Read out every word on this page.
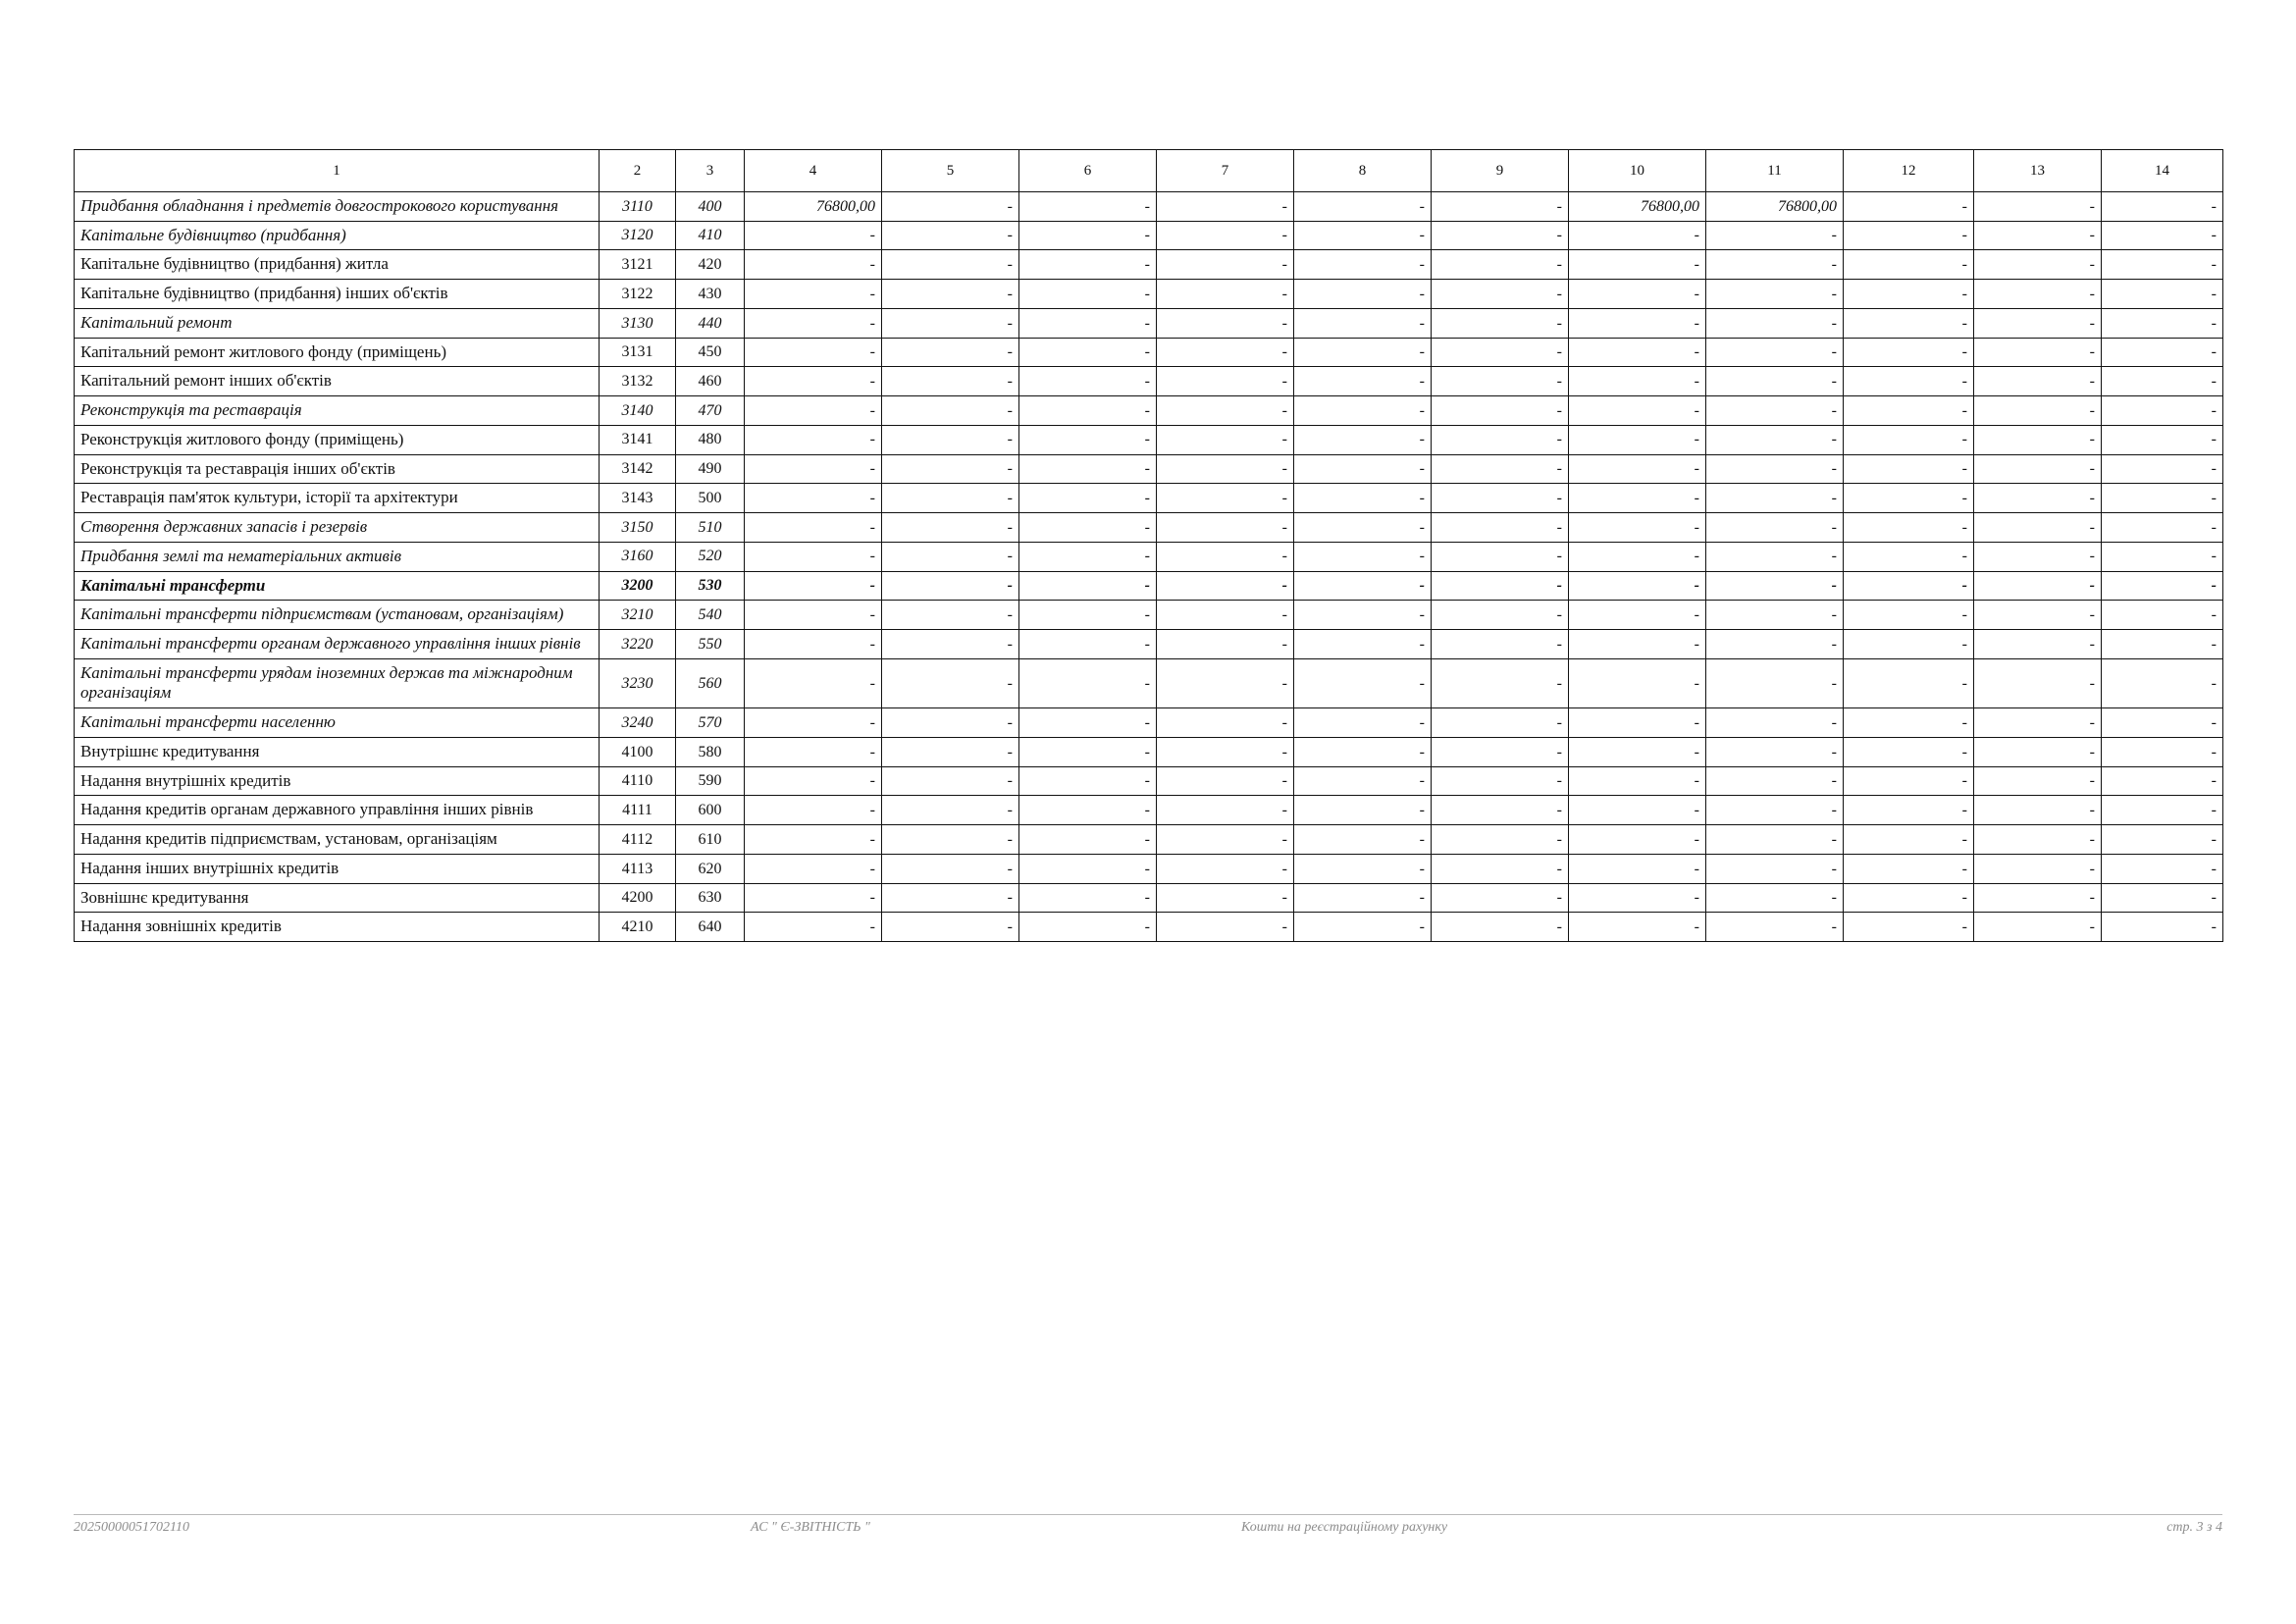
1	2	3	4	5	6	7	8	9	10	11	12	13	14
Придбання обладнання і предметів довгострокового користування	3110	400	76800,00	-	-	-	-	-	76800,00	76800,00	-	-	-
Капітальне будівництво (придбання)	3120	410	-	-	-	-	-	-	-	-	-	-	-
Капітальне будівництво (придбання) житла	3121	420	-	-	-	-	-	-	-	-	-	-	-
Капітальне будівництво (придбання) інших об'єктів	3122	430	-	-	-	-	-	-	-	-	-	-	-
Капітальний ремонт	3130	440	-	-	-	-	-	-	-	-	-	-	-
Капітальний ремонт житлового фонду (приміщень)	3131	450	-	-	-	-	-	-	-	-	-	-	-
Капітальний ремонт інших об'єктів	3132	460	-	-	-	-	-	-	-	-	-	-	-
Реконструкція та реставрація	3140	470	-	-	-	-	-	-	-	-	-	-	-
Реконструкція житлового фонду (приміщень)	3141	480	-	-	-	-	-	-	-	-	-	-	-
Реконструкція та реставрація інших об'єктів	3142	490	-	-	-	-	-	-	-	-	-	-	-
Реставрація пам'яток культури, історії та архітектури	3143	500	-	-	-	-	-	-	-	-	-	-	-
Створення державних запасів і резервів	3150	510	-	-	-	-	-	-	-	-	-	-	-
Придбання землі та нематеріальних активів	3160	520	-	-	-	-	-	-	-	-	-	-	-
Капітальні трансферти	3200	530	-	-	-	-	-	-	-	-	-	-	-
Капітальні трансферти підприємствам (установам, організаціям)	3210	540	-	-	-	-	-	-	-	-	-	-	-
Капітальні трансферти органам державного управління інших рівнів	3220	550	-	-	-	-	-	-	-	-	-	-	-
Капітальні трансферти урядам іноземних держав та міжнародним організаціям	3230	560	-	-	-	-	-	-	-	-	-	-	-
Капітальні трансферти населенню	3240	570	-	-	-	-	-	-	-	-	-	-	-
Внутрішнє кредитування	4100	580	-	-	-	-	-	-	-	-	-	-	-
Надання внутрішніх кредитів	4110	590	-	-	-	-	-	-	-	-	-	-	-
Надання кредитів органам державного управління інших рівнів	4111	600	-	-	-	-	-	-	-	-	-	-	-
Надання кредитів підприємствам, установам, організаціям	4112	610	-	-	-	-	-	-	-	-	-	-	-
Надання інших внутрішніх кредитів	4113	620	-	-	-	-	-	-	-	-	-	-	-
Зовнішнє кредитування	4200	630	-	-	-	-	-	-	-	-	-	-	-
Надання зовнішніх кредитів	4210	640	-	-	-	-	-	-	-	-	-	-	-
20250000051702110	АС " Є-ЗВІТНІСТЬ "	Кошти на реєстраційному рахунку	стр. 3 з 4
